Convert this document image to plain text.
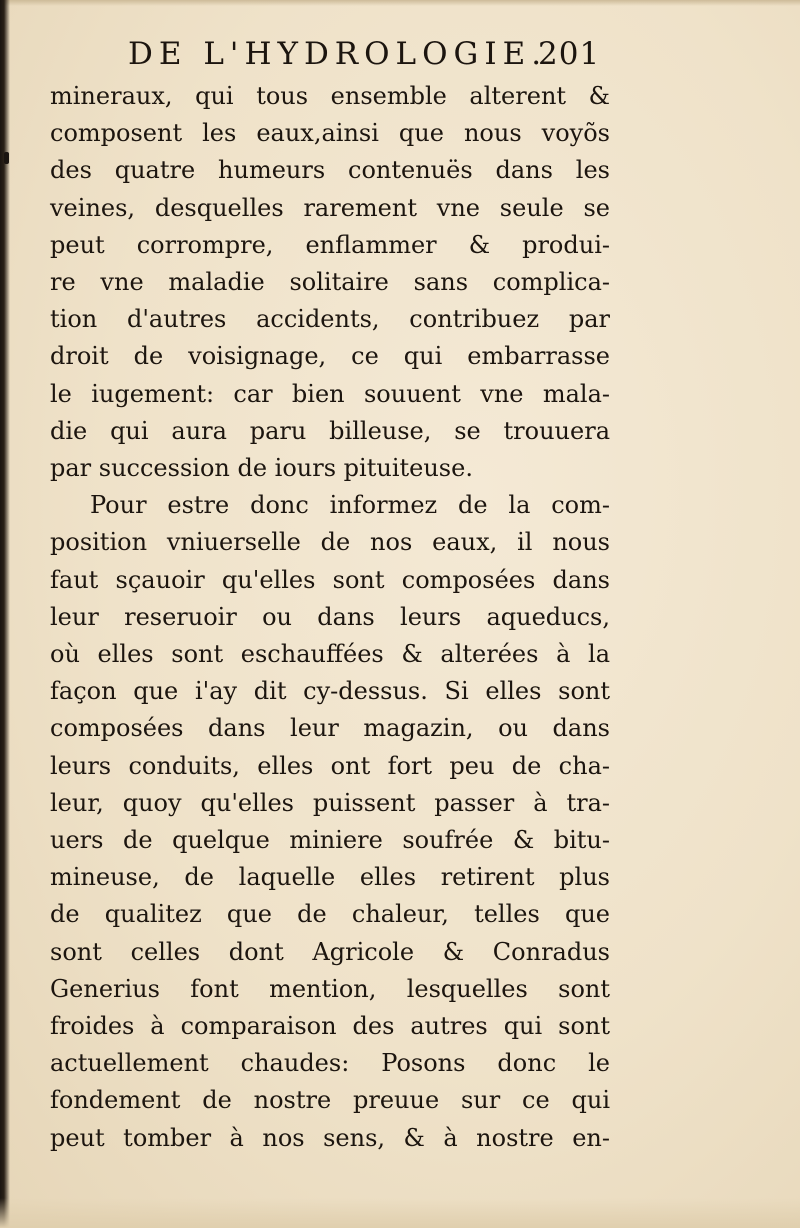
DE L'HYDROLOGIE.
201
mineraux, qui tous ensemble alterent &
composent les eaux,ainsi que nous voyõs
des quatre humeurs contenuës dans les
veines, desquelles rarement vne seule se
peut corrompre, enflammer & produi-
re vne maladie solitaire sans complica-
tion d'autres accidents, contribuez par
droit de voisignage, ce qui embarrasse
le iugement: car bien souuent vne mala-
die qui aura paru billeuse, se trouuera
par succession de iours pituiteuse.
Pour estre donc informez de la com-
position vniuerselle de nos eaux, il nous
faut sçauoir qu'elles sont composées dans
leur reseruoir ou dans leurs aqueducs,
où elles sont eschauffées & alterées à la
façon que i'ay dit cy-dessus. Si elles sont
composées dans leur magazin, ou dans
leurs conduits, elles ont fort peu de cha-
leur, quoy qu'elles puissent passer à tra-
uers de quelque miniere soufrée & bitu-
mineuse, de laquelle elles retirent plus
de qualitez que de chaleur, telles que
sont celles dont Agricole & Conradus
Generius font mention, lesquelles sont
froides à comparaison des autres qui sont
actuellement chaudes: Posons donc le
fondement de nostre preuue sur ce qui
peut tomber à nos sens, & à nostre en-
